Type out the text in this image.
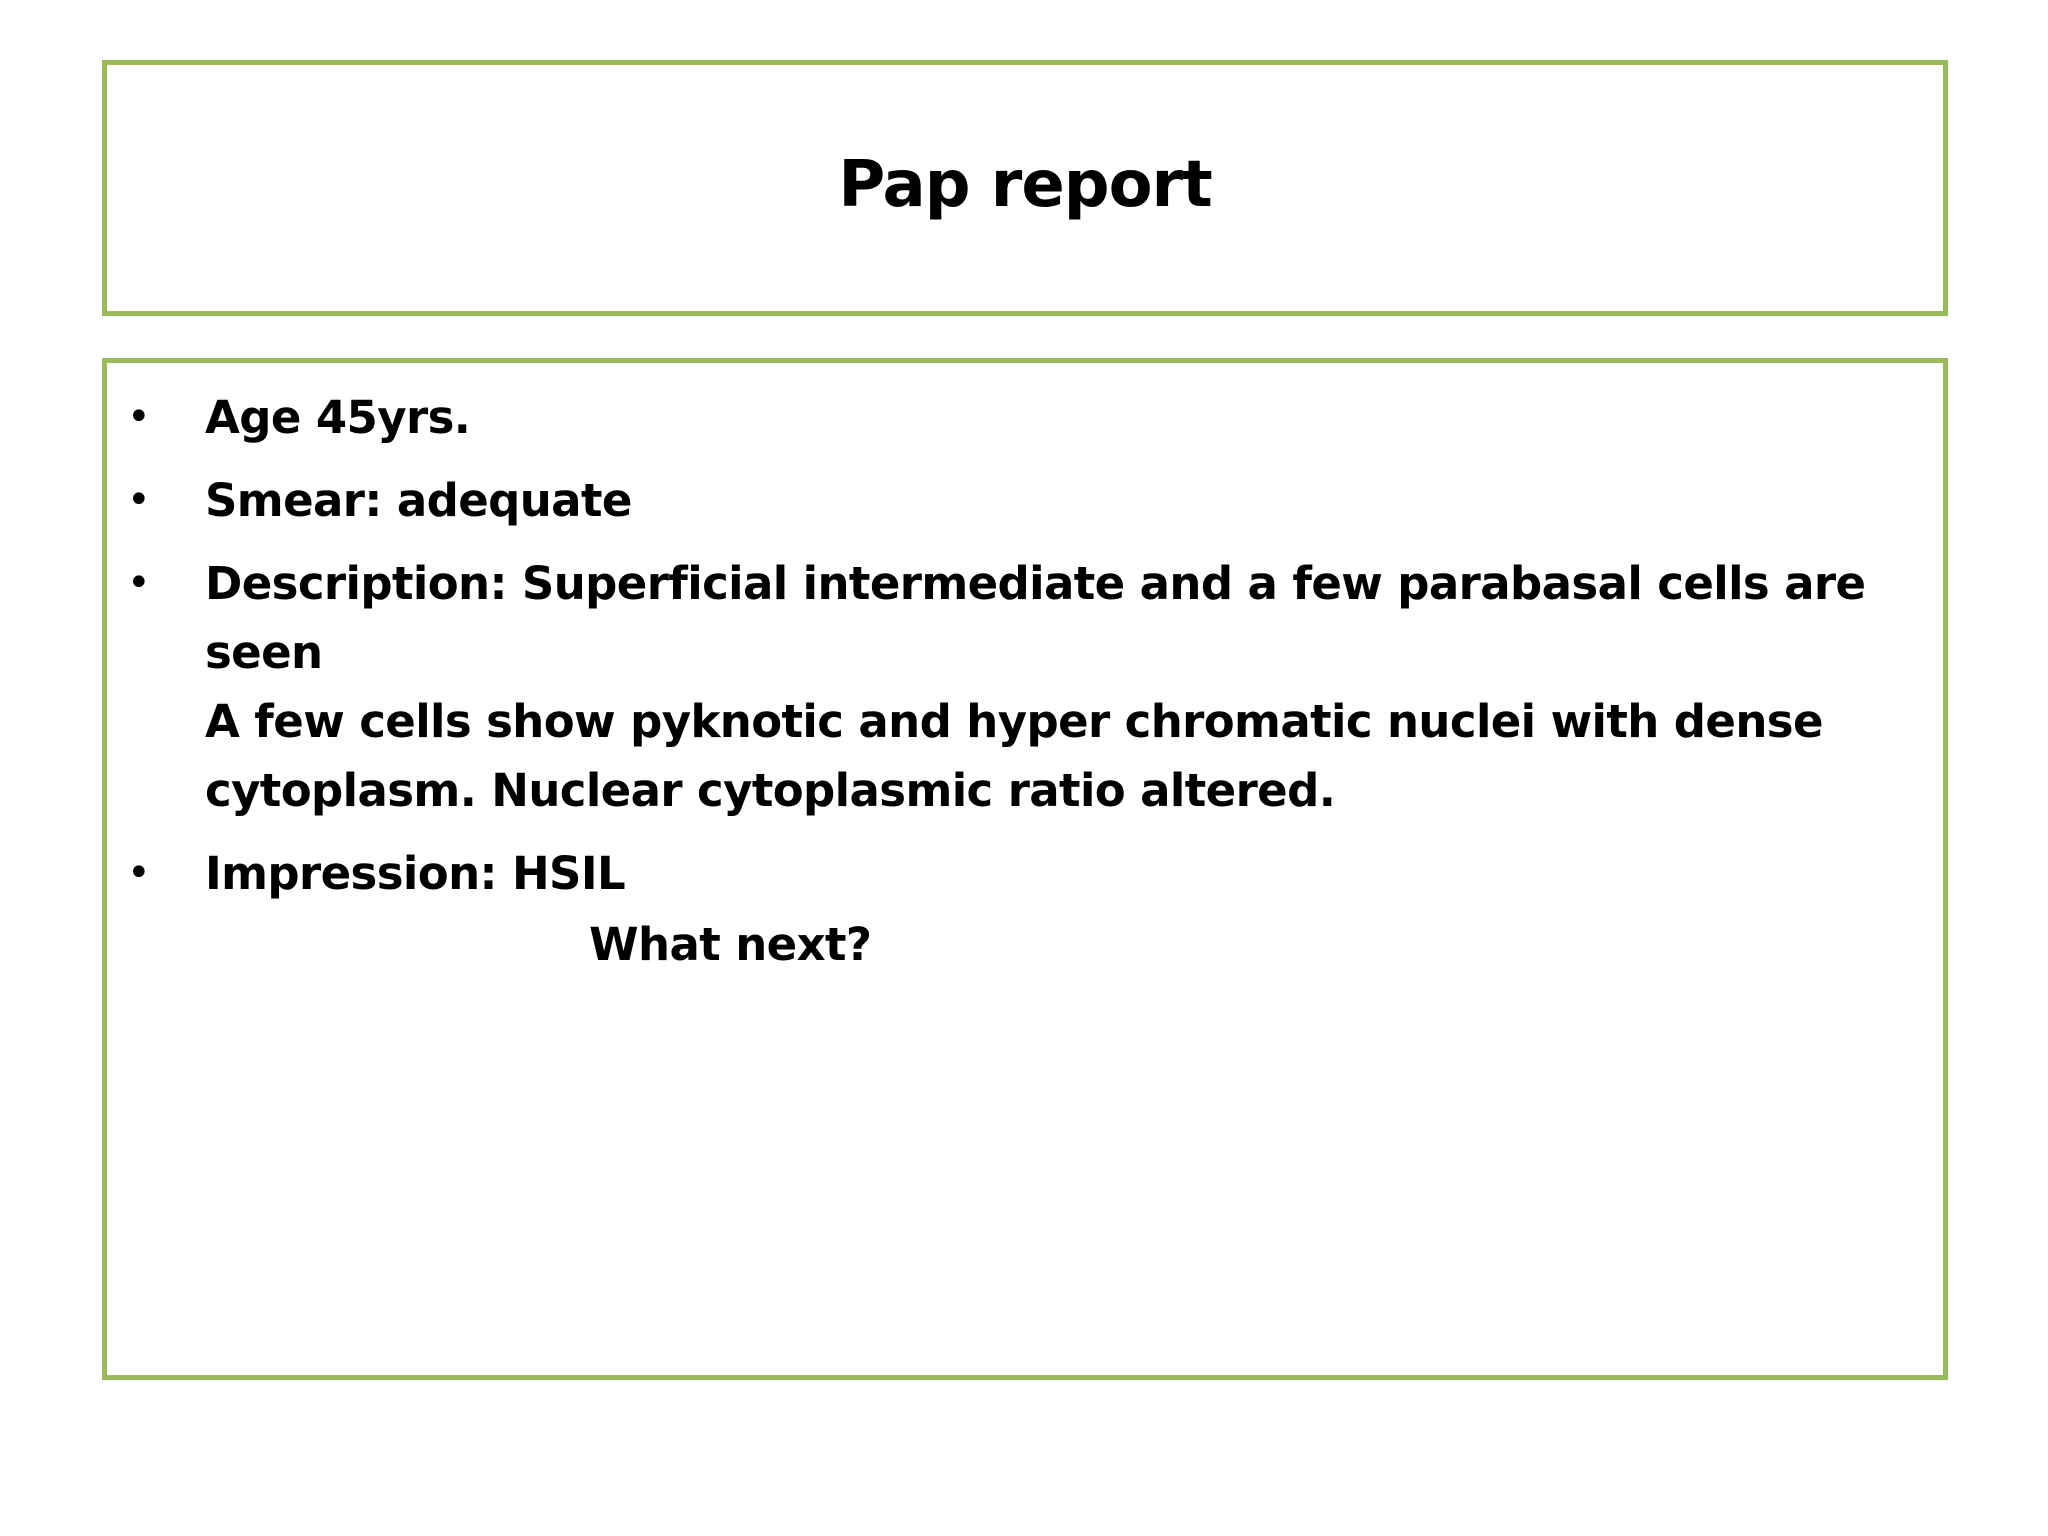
Pap report
• Age 45yrs.
• Smear: adequate
• Description: Superficial intermediate and a few parabasal cells are seen
A few cells show pyknotic and hyper chromatic nuclei with dense
cytoplasm. Nuclear cytoplasmic ratio altered.
• Impression: HSIL
What next?
